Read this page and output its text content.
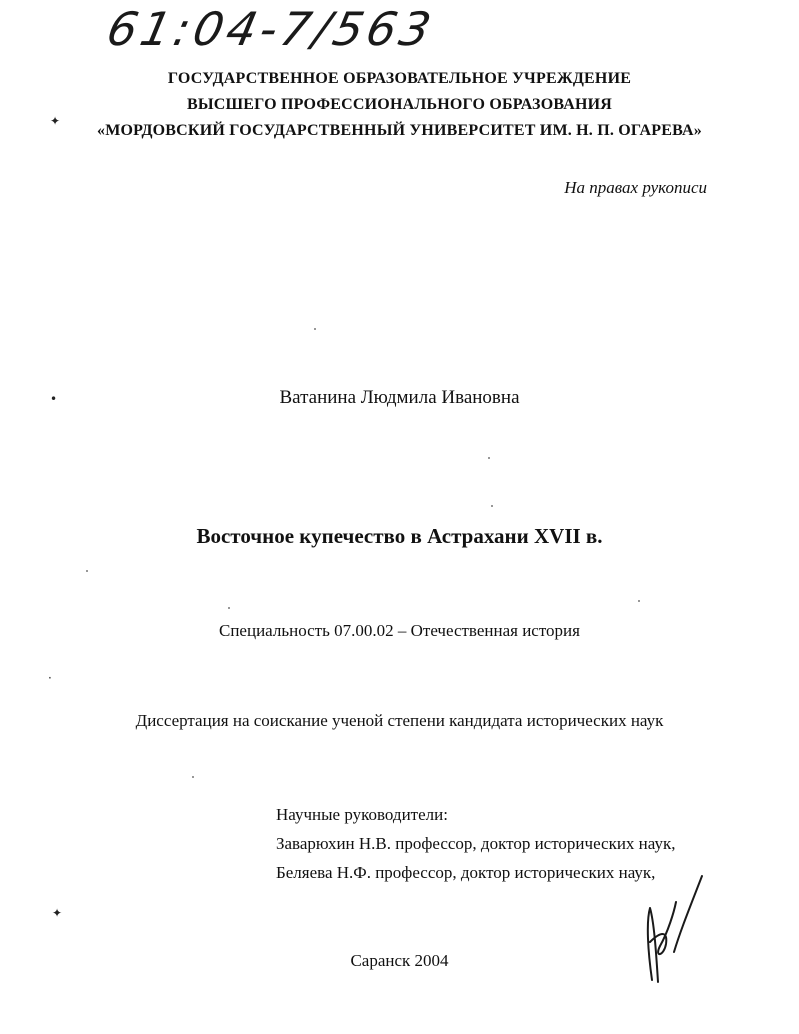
61:04-7/563
ГОСУДАРСТВЕННОЕ ОБРАЗОВАТЕЛЬНОЕ УЧРЕЖДЕНИЕ
ВЫСШЕГО ПРОФЕССИОНАЛЬНОГО ОБРАЗОВАНИЯ
«МОРДОВСКИЙ ГОСУДАРСТВЕННЫЙ УНИВЕРСИТЕТ ИМ. Н. П. ОГАРЕВА»
На правах рукописи
Ватанина Людмила Ивановна
Восточное купечество в Астрахани XVII в.
Специальность 07.00.02 – Отечественная история
Диссертация на соискание ученой степени кандидата исторических наук
Научные руководители:
Заварюхин Н.В. профессор, доктор исторических наук,
Беляева Н.Ф. профессор, доктор исторических наук,
Саранск 2004
✦
•
·
✦
